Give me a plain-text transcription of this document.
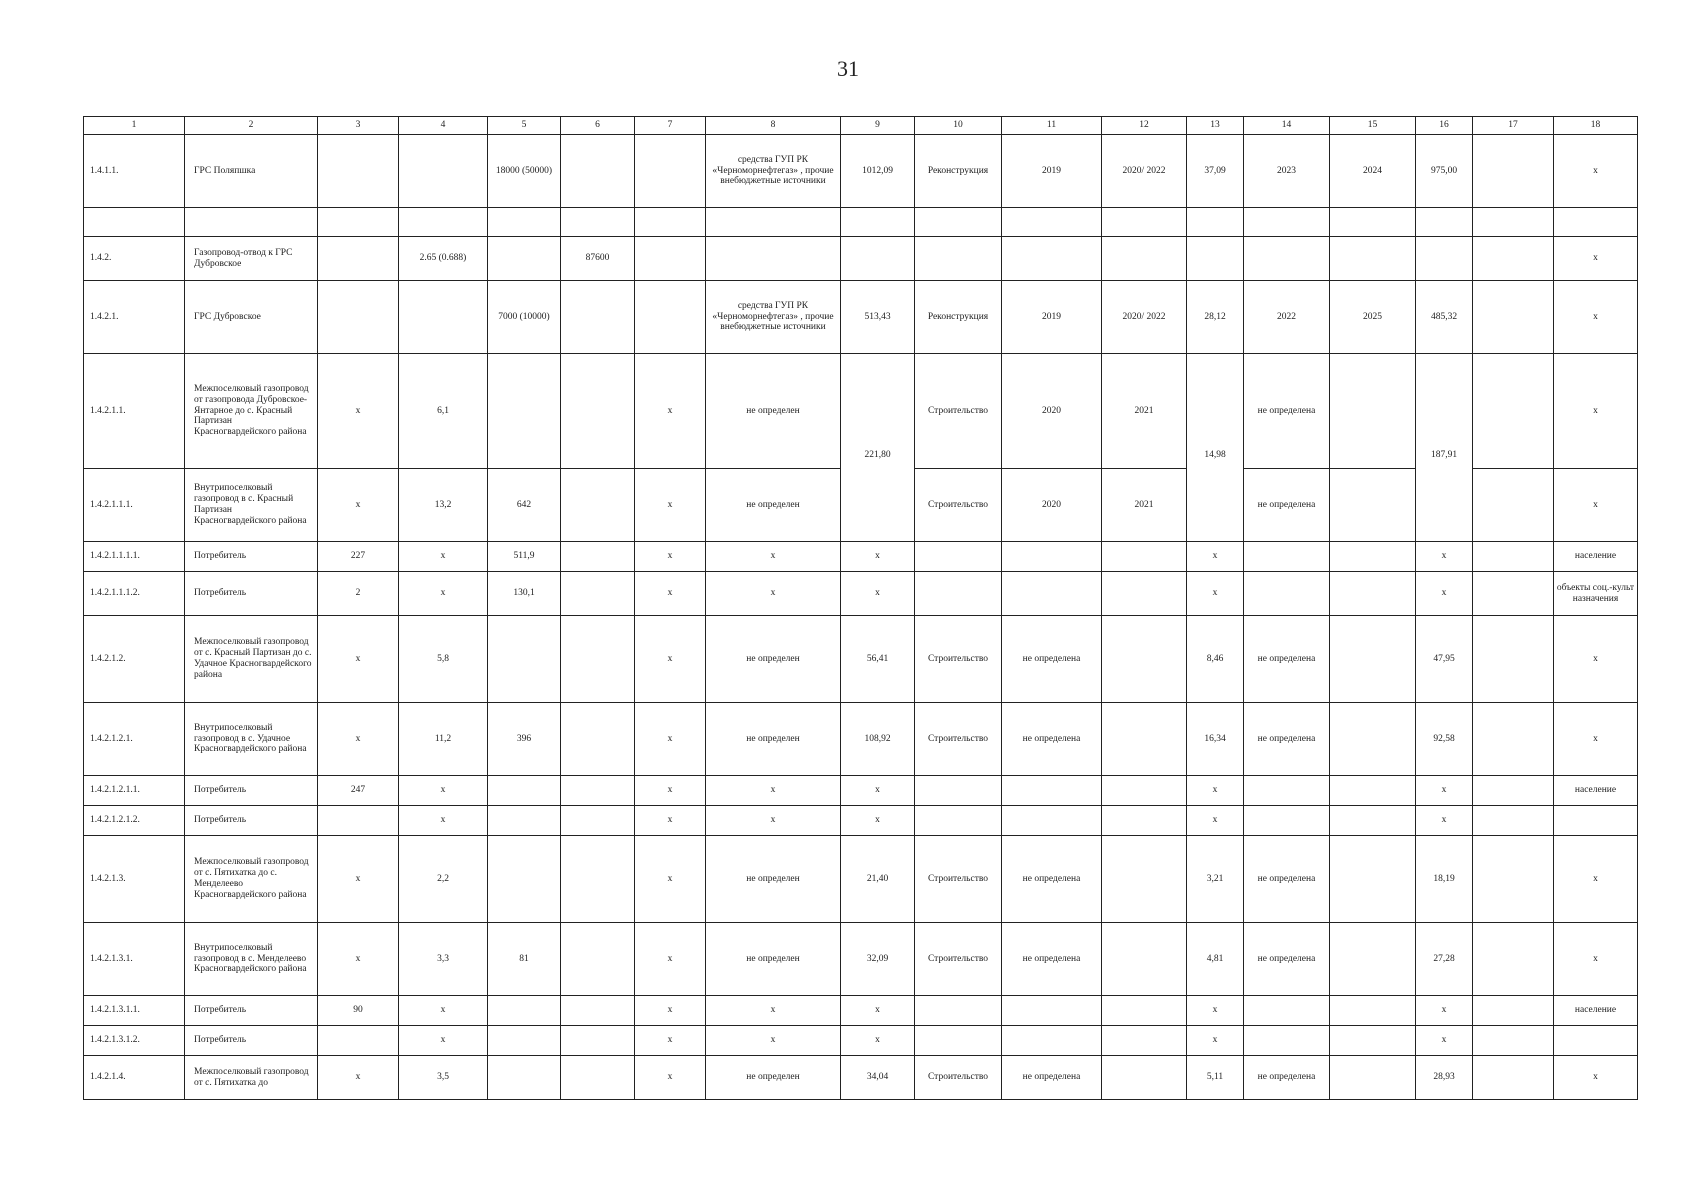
31
1	2	3	4	5	6	7	8	9	10	11	12	13	14	15	16	17	18
1.4.1.1.	ГРС Поляпшка			18000 (50000)			средства ГУП РК «Черноморнефтегаз» , прочие внебюджетные источники	1012,09	Реконструкция	2019	2020/ 2022	37,09	2023	2024	975,00		x

1.4.2.	Газопровод-отвод к ГРС Дубровское		2.65 (0.688)		87600												x
1.4.2.1.	ГРС Дубровское			7000 (10000)			средства ГУП РК «Черноморнефтегаз» , прочие внебюджетные источники	513,43	Реконструкция	2019	2020/ 2022	28,12	2022	2025	485,32		x
1.4.2.1.1.	Межпоселковый газопровод от газопровода Дубровское-Янтарное до с. Красный Партизан Красногвардейского района	x	6,1			x	не определен	221,80	Строительство	2020	2021	14,98	не определена		187,91		x
1.4.2.1.1.1.	Внутрипоселковый газопровод в с. Красный Партизан Красногвардейского района	x	13,2	642		x	не определен		Строительство	2020	2021		не определена				x
1.4.2.1.1.1.1.	Потребитель	227	x	511,9		x	x	x				x			x		население
1.4.2.1.1.1.2.	Потребитель	2	x	130,1		x	x	x				x			x		объекты соц.-культ назначения
1.4.2.1.2.	Межпоселковый газопровод от с. Красный Партизан до с. Удачное Красногвардейского района	x	5,8			x	не определен	56,41	Строительство	не определена		8,46	не определена		47,95		x
1.4.2.1.2.1.	Внутрипоселковый газопровод в с. Удачное Красногвардейского района	x	11,2	396		x	не определен	108,92	Строительство	не определена		16,34	не определена		92,58		x
1.4.2.1.2.1.1.	Потребитель	247	x			x	x	x				x			x		население
1.4.2.1.2.1.2.	Потребитель		x			x	x	x				x			x		
1.4.2.1.3.	Межпоселковый газопровод от с. Пятихатка до с. Менделеево Красногвардейского района	x	2,2			x	не определен	21,40	Строительство	не определена		3,21	не определена		18,19		x
1.4.2.1.3.1.	Внутрипоселковый газопровод в с. Менделеево Красногвардейского района	x	3,3	81		x	не определен	32,09	Строительство	не определена		4,81	не определена		27,28		x
1.4.2.1.3.1.1.	Потребитель	90	x			x	x	x				x			x		население
1.4.2.1.3.1.2.	Потребитель		x			x	x	x				x			x		
1.4.2.1.4.	Межпоселковый газопровод от с. Пятихатка до	x	3,5			x	не определен	34,04	Строительство	не определена		5,11	не определена		28,93		x
